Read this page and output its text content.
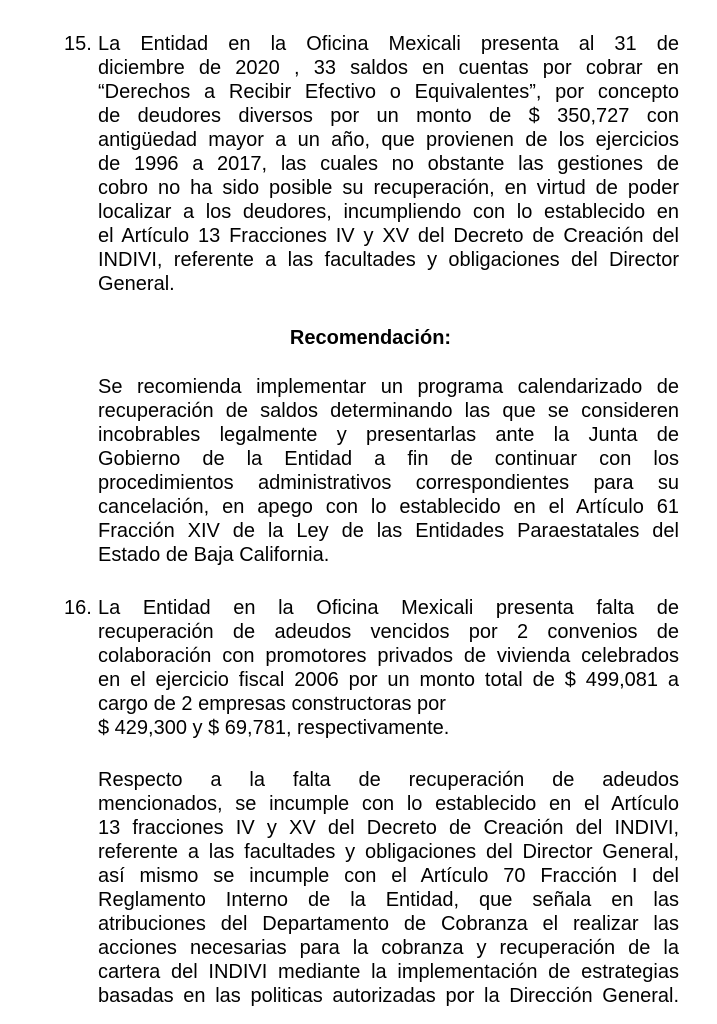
15. La Entidad en la Oficina Mexicali presenta al 31 de
diciembre de 2020 , 33 saldos en cuentas por cobrar en
“Derechos a Recibir Efectivo o Equivalentes”, por concepto
de deudores diversos por un monto de $ 350,727 con
antigüedad mayor a un año, que provienen de los ejercicios
de 1996 a 2017, las cuales no obstante las gestiones de
cobro no ha sido posible su recuperación, en virtud de poder
localizar a los deudores, incumpliendo con lo establecido en
el Artículo 13 Fracciones IV y XV del Decreto de Creación del
INDIVI, referente a las facultades y obligaciones del Director
General.
Recomendación:
Se recomienda implementar un programa calendarizado de
recuperación de saldos determinando las que se consideren
incobrables legalmente y presentarlas ante la Junta de
Gobierno de la Entidad a fin de continuar con los
procedimientos administrativos correspondientes para su
cancelación, en apego con lo establecido en el Artículo 61
Fracción XIV de la Ley de las Entidades Paraestatales del
Estado de Baja California.
16. La Entidad en la Oficina Mexicali presenta falta de
recuperación de adeudos vencidos por 2 convenios de
colaboración con promotores privados de vivienda celebrados
en el ejercicio fiscal 2006 por un monto total de $ 499,081 a
cargo de 2 empresas constructoras por
$ 429,300 y $ 69,781, respectivamente.
Respecto a la falta de recuperación de adeudos
mencionados, se incumple con lo establecido en el Artículo
13 fracciones IV y XV del Decreto de Creación del INDIVI,
referente a las facultades y obligaciones del Director General,
así mismo se incumple con el Artículo 70 Fracción I del
Reglamento Interno de la Entidad, que señala en las
atribuciones del Departamento de Cobranza el realizar las
acciones necesarias para la cobranza y recuperación de la
cartera del INDIVI mediante la implementación de estrategias
basadas en las politicas autorizadas por la Dirección General.
